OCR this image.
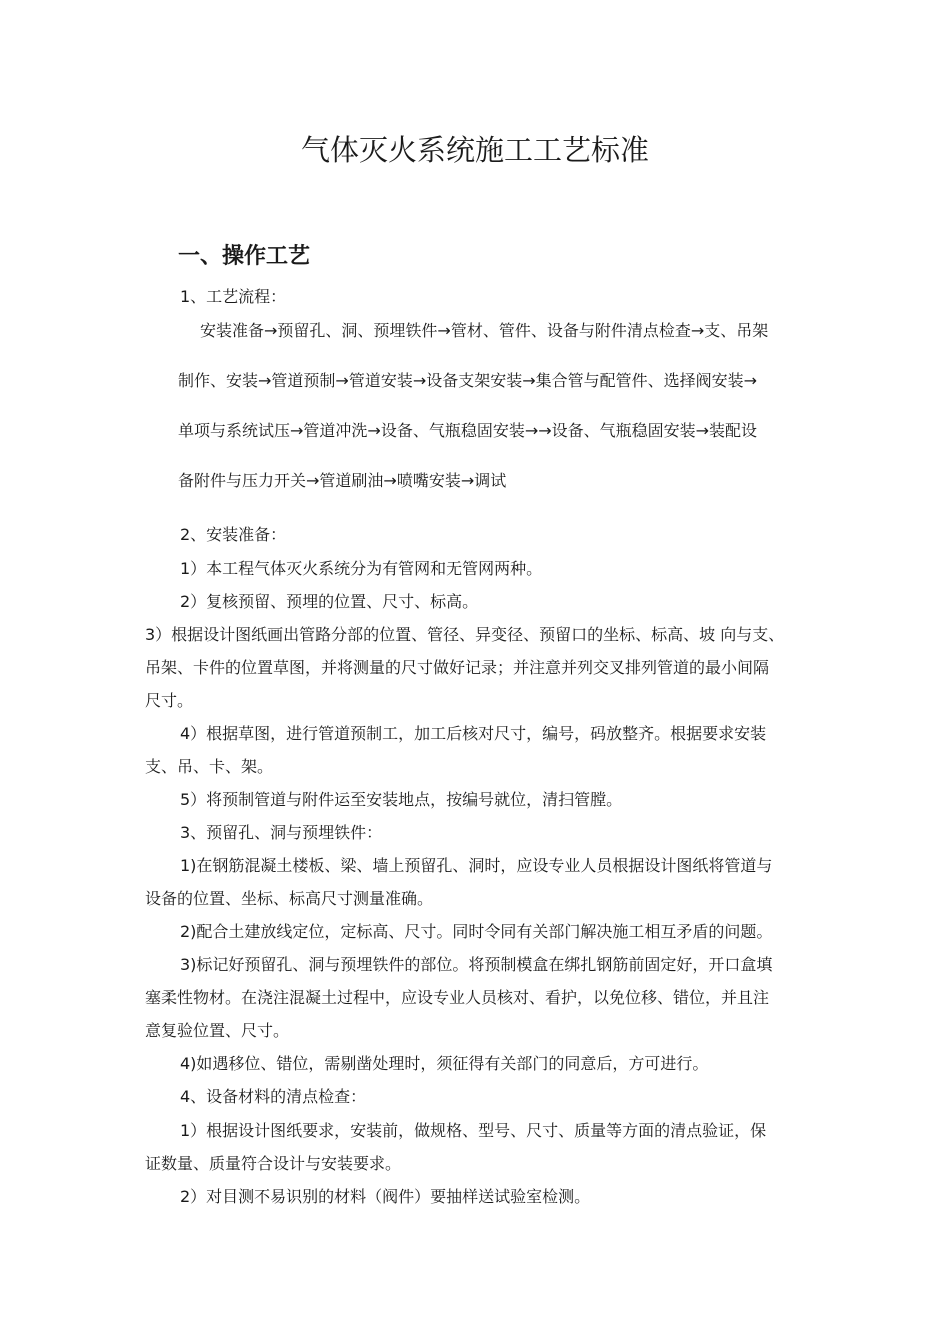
气体灭火系统施工工艺标准
一、操作工艺
1、工艺流程：
安装准备→预留孔、洞、预埋铁件→管材、管件、设备与附件清点检查→支、吊架
制作、安装→管道预制→管道安装→设备支架安装→集合管与配管件、选择阀安装→
单项与系统试压→管道冲洗→设备、气瓶稳固安装→→设备、气瓶稳固安装→装配设
备附件与压力开关→管道刷油→喷嘴安装→调试
2、安装准备：
1）本工程气体灭火系统分为有管网和无管网两种。
2）复核预留、预埋的位置、尺寸、标高。
3）根据设计图纸画出管路分部的位置、管径、异变径、预留口的坐标、标高、坡 向与支、
吊架、卡件的位置草图，并将测量的尺寸做好记录；并注意并列交叉排列管道的最小间隔
尺寸。
4）根据草图，进行管道预制工，加工后核对尺寸，编号，码放整齐。根据要求安装
支、吊、卡、架。
5）将预制管道与附件运至安装地点，按编号就位，清扫管膛。
3、预留孔、洞与预埋铁件：
1)在钢筋混凝土楼板、梁、墙上预留孔、洞时，应设专业人员根据设计图纸将管道与
设备的位置、坐标、标高尺寸测量准确。
2)配合土建放线定位，定标高、尺寸。同时令同有关部门解决施工相互矛盾的问题。
3)标记好预留孔、洞与预埋铁件的部位。将预制模盒在绑扎钢筋前固定好，开口盒填
塞柔性物材。在浇注混凝土过程中，应设专业人员核对、看护，以免位移、错位，并且注
意复验位置、尺寸。
4)如遇移位、错位，需剔凿处理时，须征得有关部门的同意后，方可进行。
4、设备材料的清点检查：
1）根据设计图纸要求，安装前，做规格、型号、尺寸、质量等方面的清点验证，保
证数量、质量符合设计与安装要求。
2）对目测不易识别的材料（阀件）要抽样送试验室检测。
